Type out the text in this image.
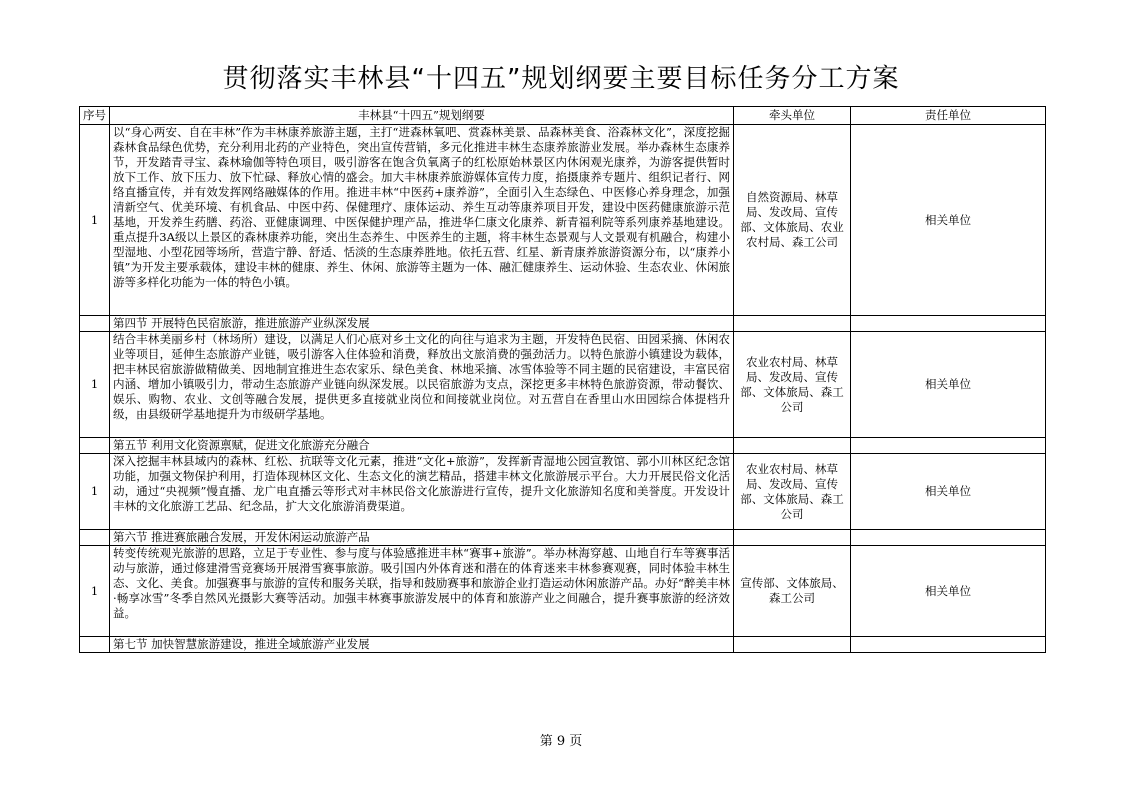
贯彻落实丰林县“十四五”规划纲要主要目标任务分工方案
序号	丰林县“十四五”规划纲要	牵头单位	责任单位
1	以“身心两安、自在丰林”作为丰林康养旅游主题，主打“进森林氧吧、赏森林美景、品森林美食、浴森林文化”，深度挖掘森林食品绿色优势，充分利用北药的产业特色，突出宣传营销，多元化推进丰林生态康养旅游业发展。举办森林生态康养节，开发踏青寻宝、森林瑜伽等特色项目，吸引游客在饱含负氧离子的红松原始林景区内休闲观光康养，为游客提供暂时放下工作、放下压力、放下忙碌、释放心情的盛会。加大丰林康养旅游媒体宣传力度，掐摄康养专题片、组织记者行、网络直播宣传，并有效发挥网络融媒体的作用。推进丰林“中医药+康养游”，全面引入生态绿色、中医修心养身理念，加强清新空气、优美环境、有机食品、中医中药、保健理疗、康体运动、养生互动等康养项目开发，建设中医药健康旅游示范基地，开发养生药膳、药浴、亚健康调理、中医保健护理产品，推进华仁康文化康养、新青福利院等系列康养基地建设。重点提升3A级以上景区的森林康养功能，突出生态养生、中医养生的主题，将丰林生态景观与人文景观有机融合，构建小型湿地、小型花园等场所，营造宁静、舒适、恬淡的生态康养胜地。依托五营、红星、新青康养旅游资源分布，以“康养小镇”为开发主要承载体，建设丰林的健康、养生、休闲、旅游等主题为一体、融汇健康养生、运动休验、生态农业、休闲旅游等多样化功能为一体的特色小镇。	自然资源局、林草局、发改局、宣传部、文体旅局、农业农村局、森工公司	相关单位
	第四节 开展特色民宿旅游，推进旅游产业纵深发展		
1	结合丰林美丽乡村（林场所）建设，以满足人们心底对乡土文化的向往与追求为主题，开发特色民宿、田园采摘、休闲农业等项目，延伸生态旅游产业链，吸引游客入住体验和消费，释放出文旅消费的强劲活力。以特色旅游小镇建设为载体，把丰林民宿旅游做精做美、因地制宜推进生态农家乐、绿色美食、林地采摘、冰雪体验等不同主题的民宿建设，丰富民宿内涵、增加小镇吸引力，带动生态旅游产业链向纵深发展。以民宿旅游为支点，深挖更多丰林特色旅游资源，带动餐饮、娱乐、购物、农业、文创等融合发展，提供更多直接就业岗位和间接就业岗位。对五营自在香里山水田园综合体提档升级，由县级研学基地提升为市级研学基地。	农业农村局、林草局、发改局、宣传部、文体旅局、森工公司	相关单位
	第五节 利用文化资源禀赋，促进文化旅游充分融合		
1	深入挖掘丰林县域内的森林、红松、抗联等文化元素，推进“文化+旅游”，发挥新青湿地公园宣教馆、郭小川林区纪念馆功能，加强文物保护利用，打造体现林区文化、生态文化的演艺精品，搭建丰林文化旅游展示平台。大力开展民俗文化活动，通过“央视频”慢直播、龙广电直播云等形式对丰林民俗文化旅游进行宣传，提升文化旅游知名度和美誉度。开发设计丰林的文化旅游工艺品、纪念品，扩大文化旅游消费渠道。	农业农村局、林草局、发改局、宣传部、文体旅局、森工公司	相关单位
	第六节 推进赛旅融合发展，开发休闲运动旅游产品		
1	转变传统观光旅游的思路，立足于专业性、参与度与体验感推进丰林“赛事+旅游”。举办林海穿越、山地自行车等赛事活动与旅游，通过修建滑雪竞赛场开展滑雪赛事旅游。吸引国内外体育迷和潜在的体育迷来丰林参赛观赛，同时体验丰林生态、文化、美食。加强赛事与旅游的宣传和服务关联，指导和鼓励赛事和旅游企业打造运动休闲旅游产品。办好“醉美丰林·畅享冰雪”冬季自然风光摄影大赛等活动。加强丰林赛事旅游发展中的体育和旅游产业之间融合，提升赛事旅游的经济效益。	宣传部、文体旅局、森工公司	相关单位
	第七节 加快智慧旅游建设，推进全域旅游产业发展		
第 9 页
